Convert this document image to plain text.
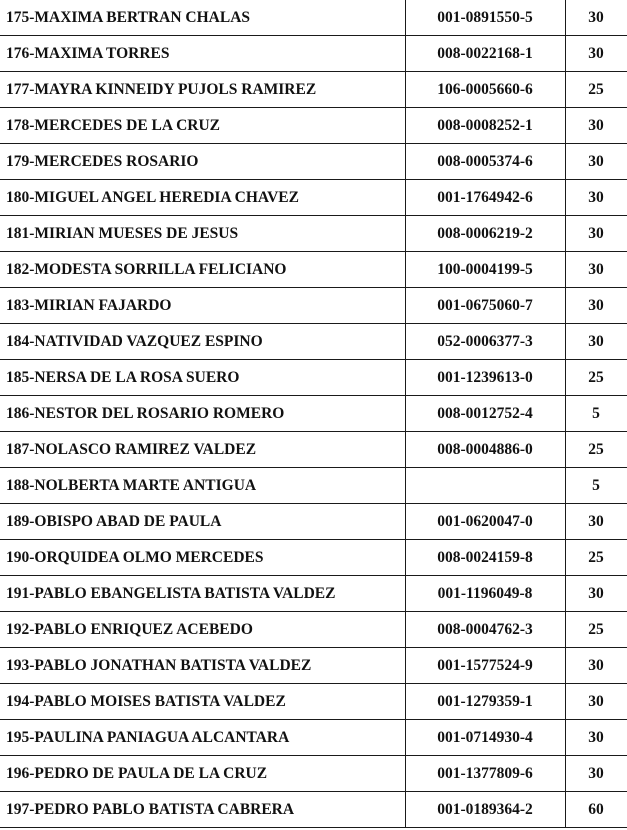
175-MAXIMA BERTRAN CHALAS	001-0891550-5	30
176-MAXIMA TORRES	008-0022168-1	30
177-MAYRA KINNEIDY PUJOLS RAMIREZ	106-0005660-6	25
178-MERCEDES DE LA CRUZ	008-0008252-1	30
179-MERCEDES ROSARIO	008-0005374-6	30
180-MIGUEL ANGEL HEREDIA CHAVEZ	001-1764942-6	30
181-MIRIAN MUESES DE JESUS	008-0006219-2	30
182-MODESTA SORRILLA FELICIANO	100-0004199-5	30
183-MIRIAN FAJARDO	001-0675060-7	30
184-NATIVIDAD VAZQUEZ ESPINO	052-0006377-3	30
185-NERSA DE LA ROSA SUERO	001-1239613-0	25
186-NESTOR DEL ROSARIO ROMERO	008-0012752-4	5
187-NOLASCO RAMIREZ VALDEZ	008-0004886-0	25
188-NOLBERTA MARTE ANTIGUA		5
189-OBISPO ABAD DE PAULA	001-0620047-0	30
190-ORQUIDEA OLMO MERCEDES	008-0024159-8	25
191-PABLO EBANGELISTA BATISTA VALDEZ	001-1196049-8	30
192-PABLO ENRIQUEZ ACEBEDO	008-0004762-3	25
193-PABLO JONATHAN BATISTA VALDEZ	001-1577524-9	30
194-PABLO MOISES BATISTA VALDEZ	001-1279359-1	30
195-PAULINA PANIAGUA ALCANTARA	001-0714930-4	30
196-PEDRO DE PAULA DE LA CRUZ	001-1377809-6	30
197-PEDRO PABLO BATISTA CABRERA	001-0189364-2	60
